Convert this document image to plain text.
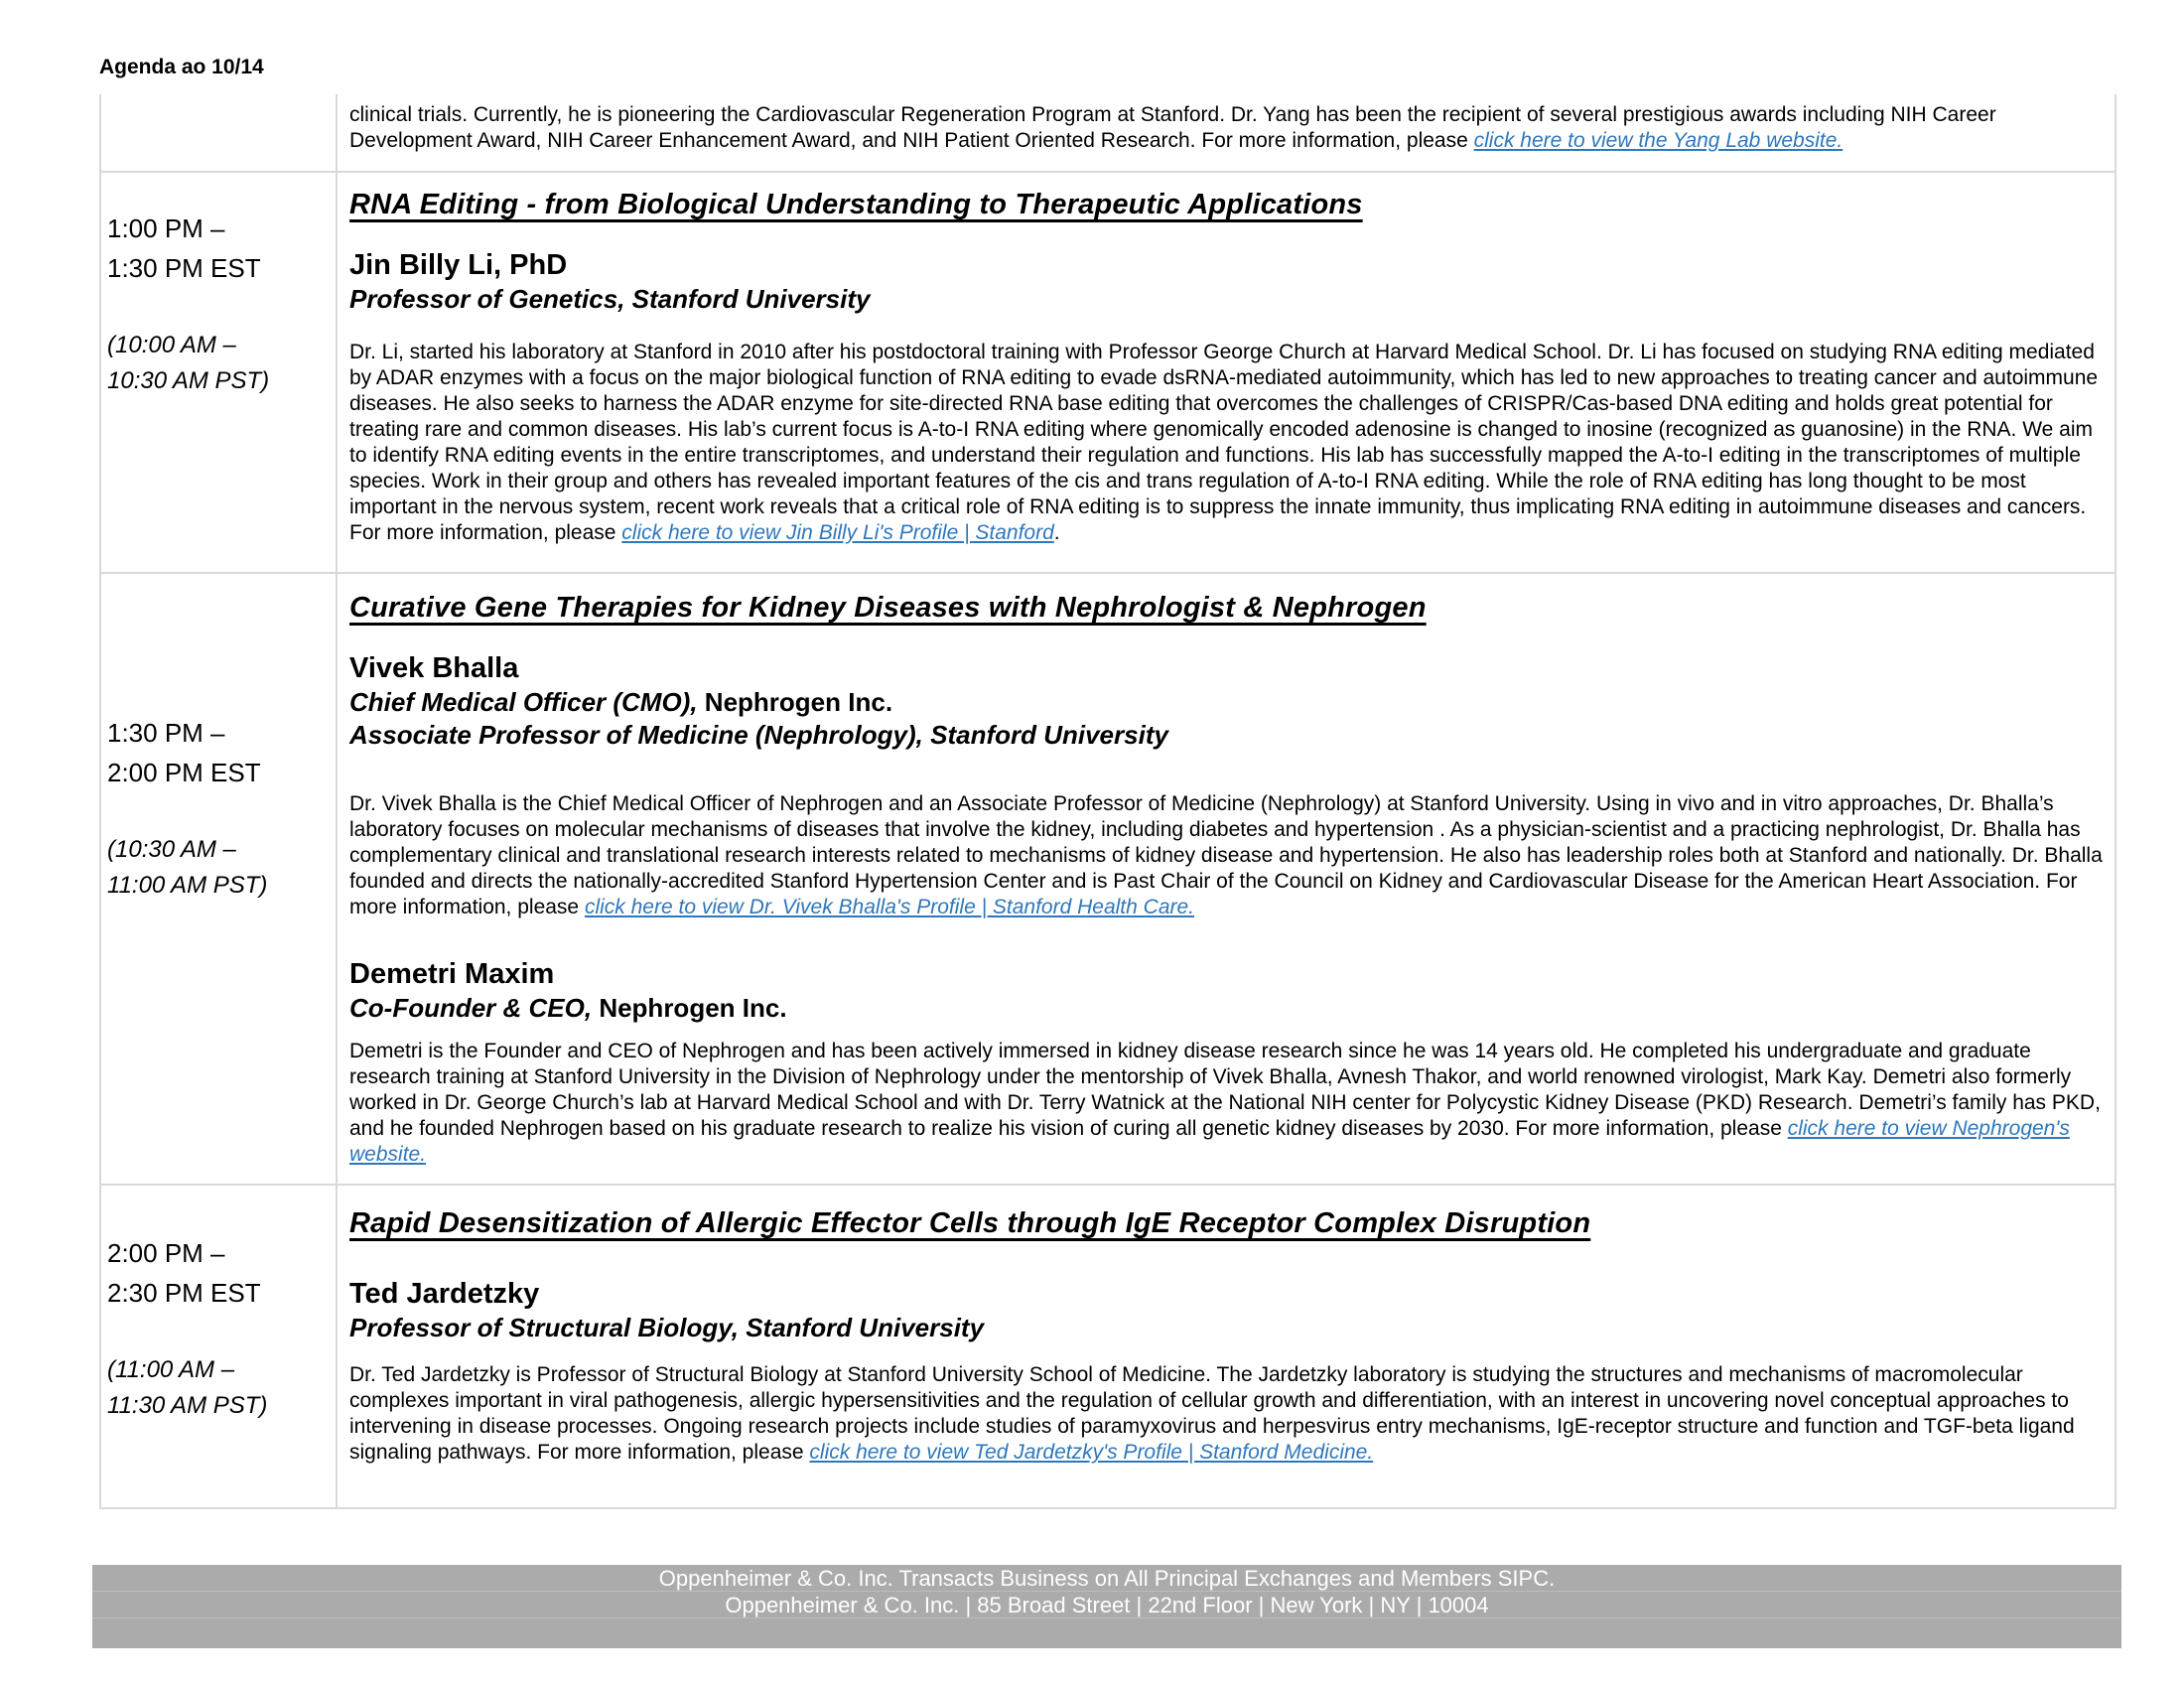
Agenda ao 10/14

clinical trials. Currently, he is pioneering the Cardiovascular Regeneration Program at Stanford. Dr. Yang has been the recipient of several prestigious awards including NIH Career Development Award, NIH Career Enhancement Award, and NIH Patient Oriented Research. For more information, please click here to view the Yang Lab website.

1:00 PM –
1:30 PM EST
(10:00 AM –
10:30 AM PST)
RNA Editing - from Biological Understanding to Therapeutic Applications
Jin Billy Li, PhD
Professor of Genetics, Stanford University

Dr. Li, started his laboratory at Stanford in 2010 after his postdoctoral training with Professor George Church at Harvard Medical School. Dr. Li has focused on studying RNA editing mediated by ADAR enzymes with a focus on the major biological function of RNA editing to evade dsRNA-mediated autoimmunity, which has led to new approaches to treating cancer and autoimmune diseases. He also seeks to harness the ADAR enzyme for site-directed RNA base editing that overcomes the challenges of CRISPR/Cas-based DNA editing and holds great potential for treating rare and common diseases. His lab’s current focus is A-to-I RNA editing where genomically encoded adenosine is changed to inosine (recognized as guanosine) in the RNA. We aim to identify RNA editing events in the entire transcriptomes, and understand their regulation and functions. His lab has successfully mapped the A-to-I editing in the transcriptomes of multiple species. Work in their group and others has revealed important features of the cis and trans regulation of A-to-I RNA editing. While the role of RNA editing has long thought to be most important in the nervous system, recent work reveals that a critical role of RNA editing is to suppress the innate immunity, thus implicating RNA editing in autoimmune diseases and cancers. For more information, please click here to view Jin Billy Li's Profile | Stanford.

1:30 PM –
2:00 PM EST
(10:30 AM –
11:00 AM PST)
Curative Gene Therapies for Kidney Diseases with Nephrologist & Nephrogen
Vivek Bhalla
Chief Medical Officer (CMO), Nephrogen Inc.
Associate Professor of Medicine (Nephrology), Stanford University

Dr. Vivek Bhalla is the Chief Medical Officer of Nephrogen and an Associate Professor of Medicine (Nephrology) at Stanford University. Using in vivo and in vitro approaches, Dr. Bhalla’s laboratory focuses on molecular mechanisms of diseases that involve the kidney, including diabetes and hypertension . As a physician-scientist and a practicing nephrologist, Dr. Bhalla has complementary clinical and translational research interests related to mechanisms of kidney disease and hypertension. He also has leadership roles both at Stanford and nationally. Dr. Bhalla founded and directs the nationally-accredited Stanford Hypertension Center and is Past Chair of the Council on Kidney and Cardiovascular Disease for the American Heart Association. For more information, please click here to view Dr. Vivek Bhalla's Profile | Stanford Health Care.

Demetri Maxim
Co-Founder & CEO, Nephrogen Inc.

Demetri is the Founder and CEO of Nephrogen and has been actively immersed in kidney disease research since he was 14 years old. He completed his undergraduate and graduate research training at Stanford University in the Division of Nephrology under the mentorship of Vivek Bhalla, Avnesh Thakor, and world renowned virologist, Mark Kay. Demetri also formerly worked in Dr. George Church’s lab at Harvard Medical School and with Dr. Terry Watnick at the National NIH center for Polycystic Kidney Disease (PKD) Research. Demetri’s family has PKD, and he founded Nephrogen based on his graduate research to realize his vision of curing all genetic kidney diseases by 2030. For more information, please click here to view Nephrogen's website.

2:00 PM –
2:30 PM EST
(11:00 AM –
11:30 AM PST)
Rapid Desensitization of Allergic Effector Cells through IgE Receptor Complex Disruption
Ted Jardetzky
Professor of Structural Biology, Stanford University

Dr. Ted Jardetzky is Professor of Structural Biology at Stanford University School of Medicine. The Jardetzky laboratory is studying the structures and mechanisms of macromolecular complexes important in viral pathogenesis, allergic hypersensitivities and the regulation of cellular growth and differentiation, with an interest in uncovering novel conceptual approaches to intervening in disease processes. Ongoing research projects include studies of paramyxovirus and herpesvirus entry mechanisms, IgE-receptor structure and function and TGF-beta ligand signaling pathways. For more information, please click here to view Ted Jardetzky's Profile | Stanford Medicine.

Oppenheimer & Co. Inc. Transacts Business on All Principal Exchanges and Members SIPC.
Oppenheimer & Co. Inc. | 85 Broad Street | 22nd Floor | New York | NY | 10004
